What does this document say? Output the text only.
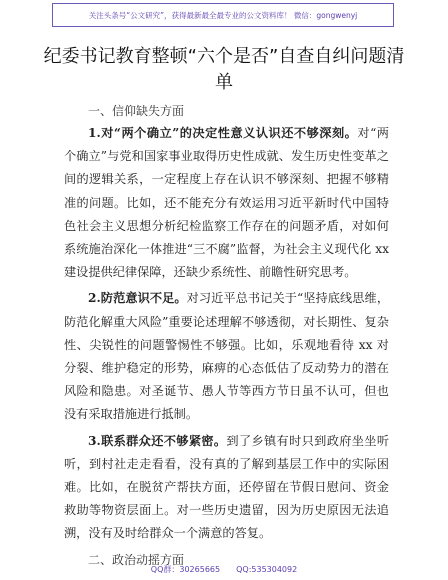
关注头条号“公文研究”，获得最新最全最专业的公文资料库！ 微信：gongwenyj
纪委书记教育整顿“六个是否”自查自纠问题清单

一、信仰缺失方面

1.对“两个确立”的决定性意义认识还不够深刻。对“两个确立”与党和国家事业取得历史性成就、发生历史性变革之间的逻辑关系，一定程度上存在认识不够深刻、把握不够精准的问题。比如，还不能充分有效运用习近平新时代中国特色社会主义思想分析纪检监察工作存在的问题矛盾，对如何系统施治深化一体推进“三不腐”监督，为社会主义现代化 xx 建设提供纪律保障，还缺少系统性、前瞻性研究思考。

2.防范意识不足。对习近平总书记关于“坚持底线思维，防范化解重大风险”重要论述理解不够透彻，对长期性、复杂性、尖锐性的问题警惕性不够强。比如，乐观地看待 xx 对分裂、维护稳定的形势，麻痹的心态低估了反动势力的潜在风险和隐患。对圣诞节、愚人节等西方节日虽不认可，但也没有采取措施进行抵制。

3.联系群众还不够紧密。到了乡镇有时只到政府坐坐听听，到村社走走看看，没有真的了解到基层工作中的实际困难。比如，在脱贫产帮扶方面，还停留在节假日慰问、资金救助等物资层面上。对一些历史遗留，因为历史原因无法追溯，没有及时给群众一个满意的答复。

二、政治动摇方面

QQ群：30265665 QQ:535304092
